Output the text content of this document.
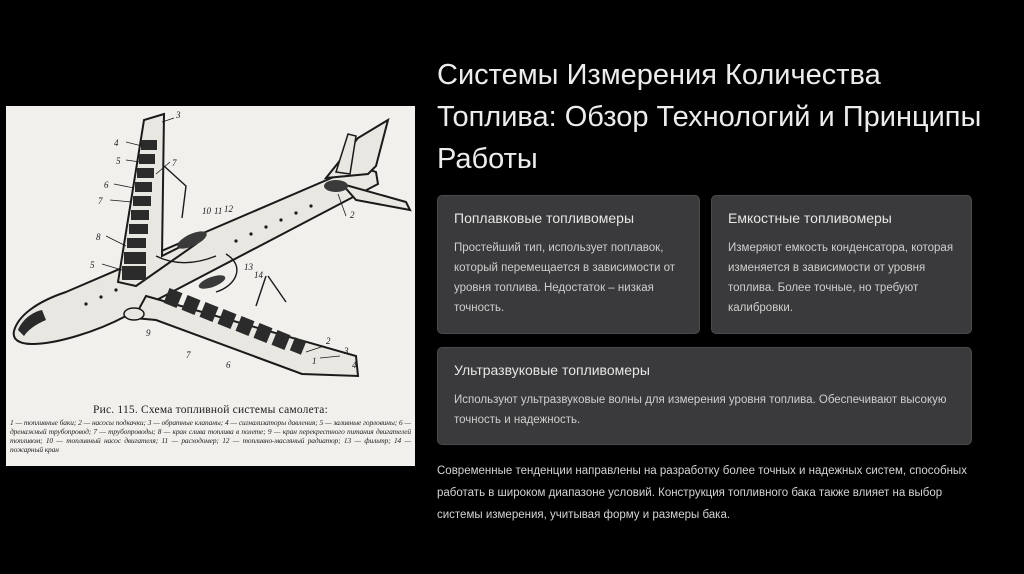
4
3
5	7
6
7
8
5
10 11 12
13
14
2
9
7
6	1
2
3
4
Рис. 115. Схема топливной системы самолета:
1 — топливные баки; 2 — насосы подкачки; 3 — обратные клапаны; 4 — сигнализаторы давления; 5 — заливные горловины; 6 — дренажный трубопровод; 7 — трубопроводы; 8 — кран слива топлива в полете; 9 — кран перекрестного питания двигателей топливом; 10 — топливный насос двигателя; 11 — расходомер; 12 — топливно-масляный радиатор; 13 — фильтр; 14 — пожарный кран
Системы Измерения Количества Топлива: Обзор Технологий и Принципы Работы
Поплавковые топливомеры
Простейший тип, использует поплавок, который перемещается в зависимости от уровня топлива. Недостаток – низкая точность.
Емкостные топливомеры
Измеряют емкость конденсатора, которая изменяется в зависимости от уровня топлива. Более точные, но требуют калибровки.
Ультразвуковые топливомеры
Используют ультразвуковые волны для измерения уровня топлива. Обеспечивают высокую точность и надежность.
Современные тенденции направлены на разработку более точных и надежных систем, способных работать в широком диапазоне условий. Конструкция топливного бака также влияет на выбор системы измерения, учитывая форму и размеры бака.
